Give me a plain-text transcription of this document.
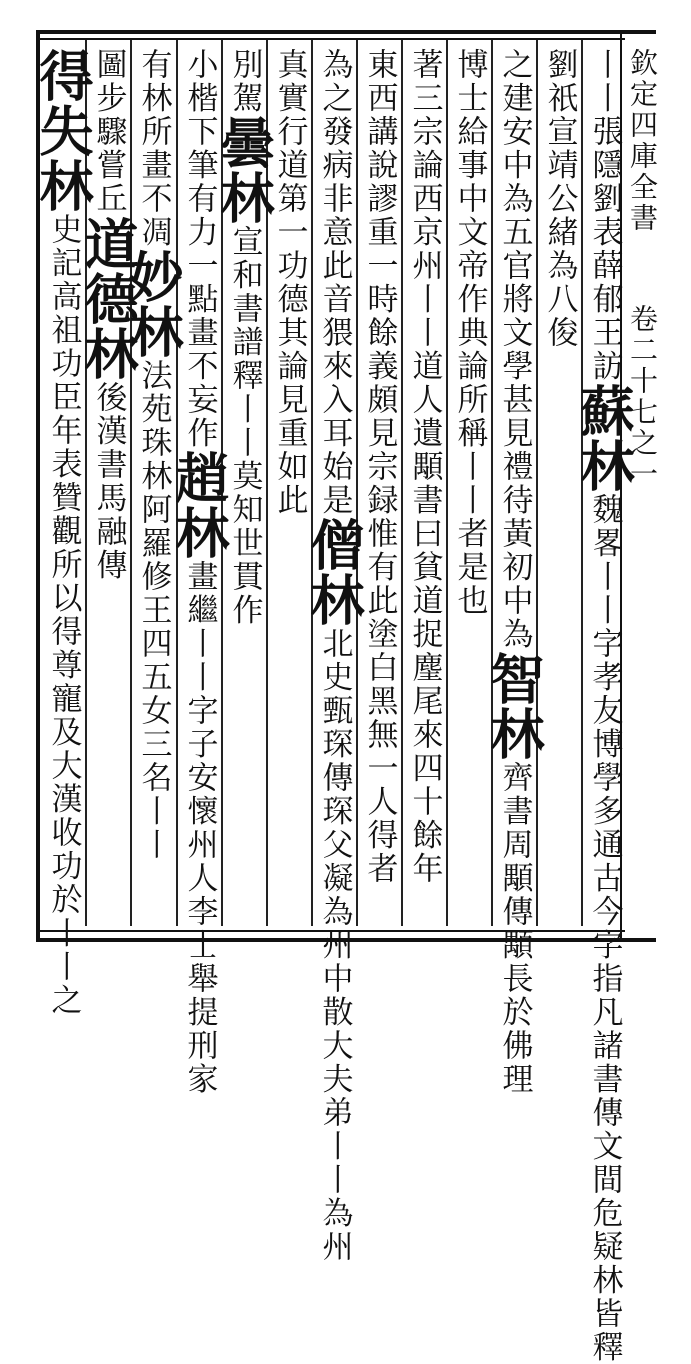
欽定四庫全書
卷二十七之一
丨丨張隱劉表薛郁王訪
蘇林
魏畧丨丨字孝友博學多通古今字指凡諸書傳文間危疑林皆釋
劉祇宣靖公緒為八俊
之建安中為五官將文學甚見禮待黃初中為
智林
齊書周顒傳顒長於佛理
博士給事中文帝作典論所稱丨丨者是也
著三宗論西京州丨丨道人遺顒書曰貧道捉麈尾來四十餘年
東西講說謬重一時餘義頗見宗録惟有此塗白黑無一人得者
為之發病非意此音猥來入耳始是
僧林
北史甄琛傳琛父凝為州中散大夫弟丨丨為州
真實行道第一功德其論見重如此
別駕
曇林
宣和書譜釋丨丨莫知世貫作
小楷下筆有力一點畫不妄作
趙林
畫繼丨丨字子安懷州人李士舉提刑家
有林所畫不凋
妙林
法苑珠林阿羅修王四五女三名丨丨
圖步驟嘗丘
道德林
後漢書馬融傳
得失林
史記高祖功臣年表贊觀所以得尊寵及
大漢收功於丨丨之
